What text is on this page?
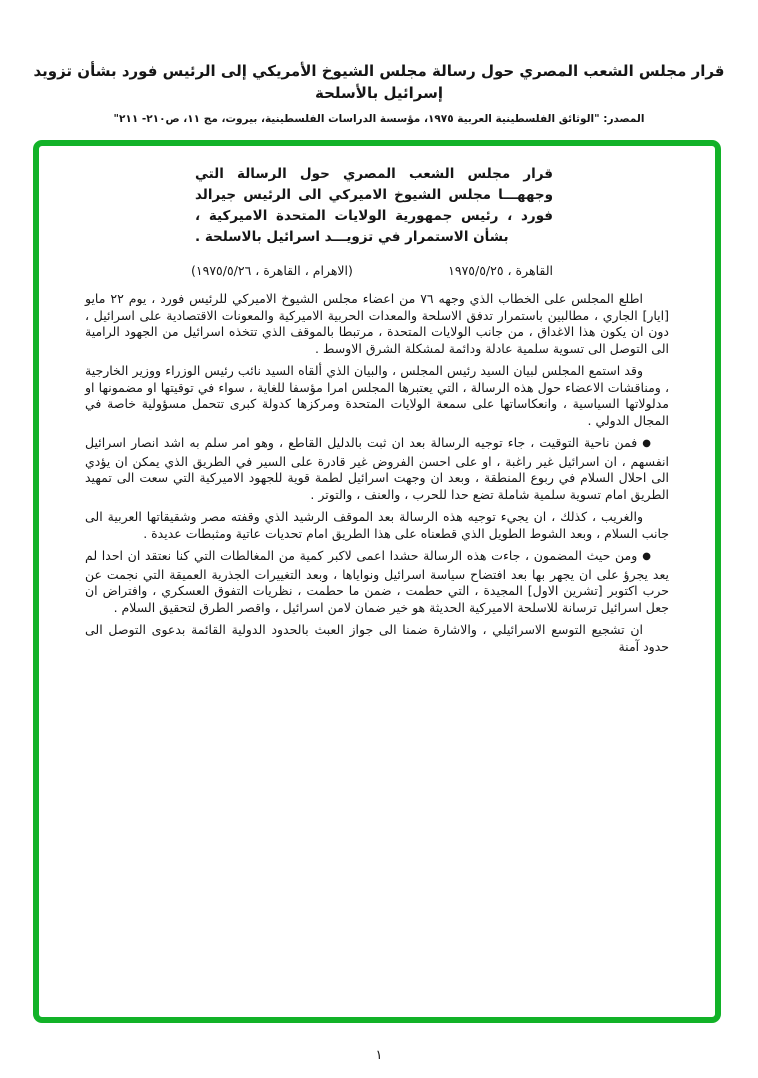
قرار مجلس الشعب المصري حول رسالة مجلس الشيوخ الأمريكي إلى الرئيس فورد بشأن تزويد إسرائيل بالأسلحة

المصدر: "الوثائق الفلسطينية العربية ١٩٧٥، مؤسسة الدراسات الفلسطينية، بيروت، مج ١١، ص٢١٠- ٢١١"

قرار مجلس الشعب المصري حول الرسالة التي وجههـــا مجلس الشيوخ الاميركي الى الرئيس جيرالد فورد ، رئيس جمهورية الولايات المتحدة الاميركية ، بشأن الاستمرار في تزويـــد اسرائيل بالاسلحة .

القاهرة ، ١٩٧٥/٥/٢٥
(الاهرام ، القاهرة ، ١٩٧٥/٥/٢٦)

اطلع المجلس على الخطاب الذي وجهه ٧٦ من اعضاء مجلس الشيوخ الاميركي للرئيس فورد ، يوم ٢٢ مايو [ايار] الجاري ، مطالبين باستمرار تدفق الاسلحة والمعدات الحربية الاميركية والمعونات الاقتصادية على اسرائيل ، دون ان يكون هذا الاغداق ، من جانب الولايات المتحدة ، مرتبطا بالموقف الذي تتخذه اسرائيل من الجهود الرامية الى التوصل الى تسوية سلمية عادلة ودائمة لمشكلة الشرق الاوسط .

وقد استمع المجلس لبيان السيد رئيس المجلس ، والبيان الذي ألقاه السيد نائب رئيس الوزراء ووزير الخارجية ، ومناقشات الاعضاء حول هذه الرسالة ، التي يعتبرها المجلس امرا مؤسفا للغاية ، سواء في توقيتها او مضمونها او مدلولاتها السياسية ، وانعكاساتها على سمعة الولايات المتحدة ومركزها كدولة كبرى تتحمل مسؤولية خاصة في المجال الدولي .

●فمن ناحية التوقيت ، جاء توجيه الرسالة بعد ان ثبت بالدليل القاطع ، وهو امر سلم به اشد انصار اسرائيل انفسهم ، ان اسرائيل غير راغبة ، او على احسن الفروض غير قادرة على السير في الطريق الذي يمكن ان يؤدي الى احلال السلام في ربوع المنطقة ، وبعد ان وجهت اسرائيل لطمة قوية للجهود الاميركية التي سعت الى تمهيد الطريق امام تسوية سلمية شاملة تضع حدا للحرب ، والعنف ، والتوتر .

والغريب ، كذلك ، ان يجيء توجيه هذه الرسالة بعد الموقف الرشيد الذي وقفته مصر وشقيقاتها العربية الى جانب السلام ، وبعد الشوط الطويل الذي قطعناه على هذا الطريق امام تحديات عاتية ومثبطات عديدة .

●ومن حيث المضمون ، جاءت هذه الرسالة حشدا اعمى لاكبر كمية من المغالطات التي كنا نعتقد ان احدا لم يعد يجرؤ على ان يجهر بها بعد افتضاح سياسة اسرائيل ونواياها ، وبعد التغييرات الجذرية العميقة التي نجمت عن حرب اكتوبر [تشرين الاول] المجيدة ، التي حطمت ، ضمن ما حطمت ، نظريات التفوق العسكري ، وافتراض ان جعل اسرائيل ترسانة للاسلحة الاميركية الحديثة هو خير ضمان لامن اسرائيل ، واقصر الطرق لتحقيق السلام .

ان تشجيع التوسع الاسرائيلي ، والاشارة ضمنا الى جواز العبث بالحدود الدولية القائمة بدعوى التوصل الى حدود آمنة

١
